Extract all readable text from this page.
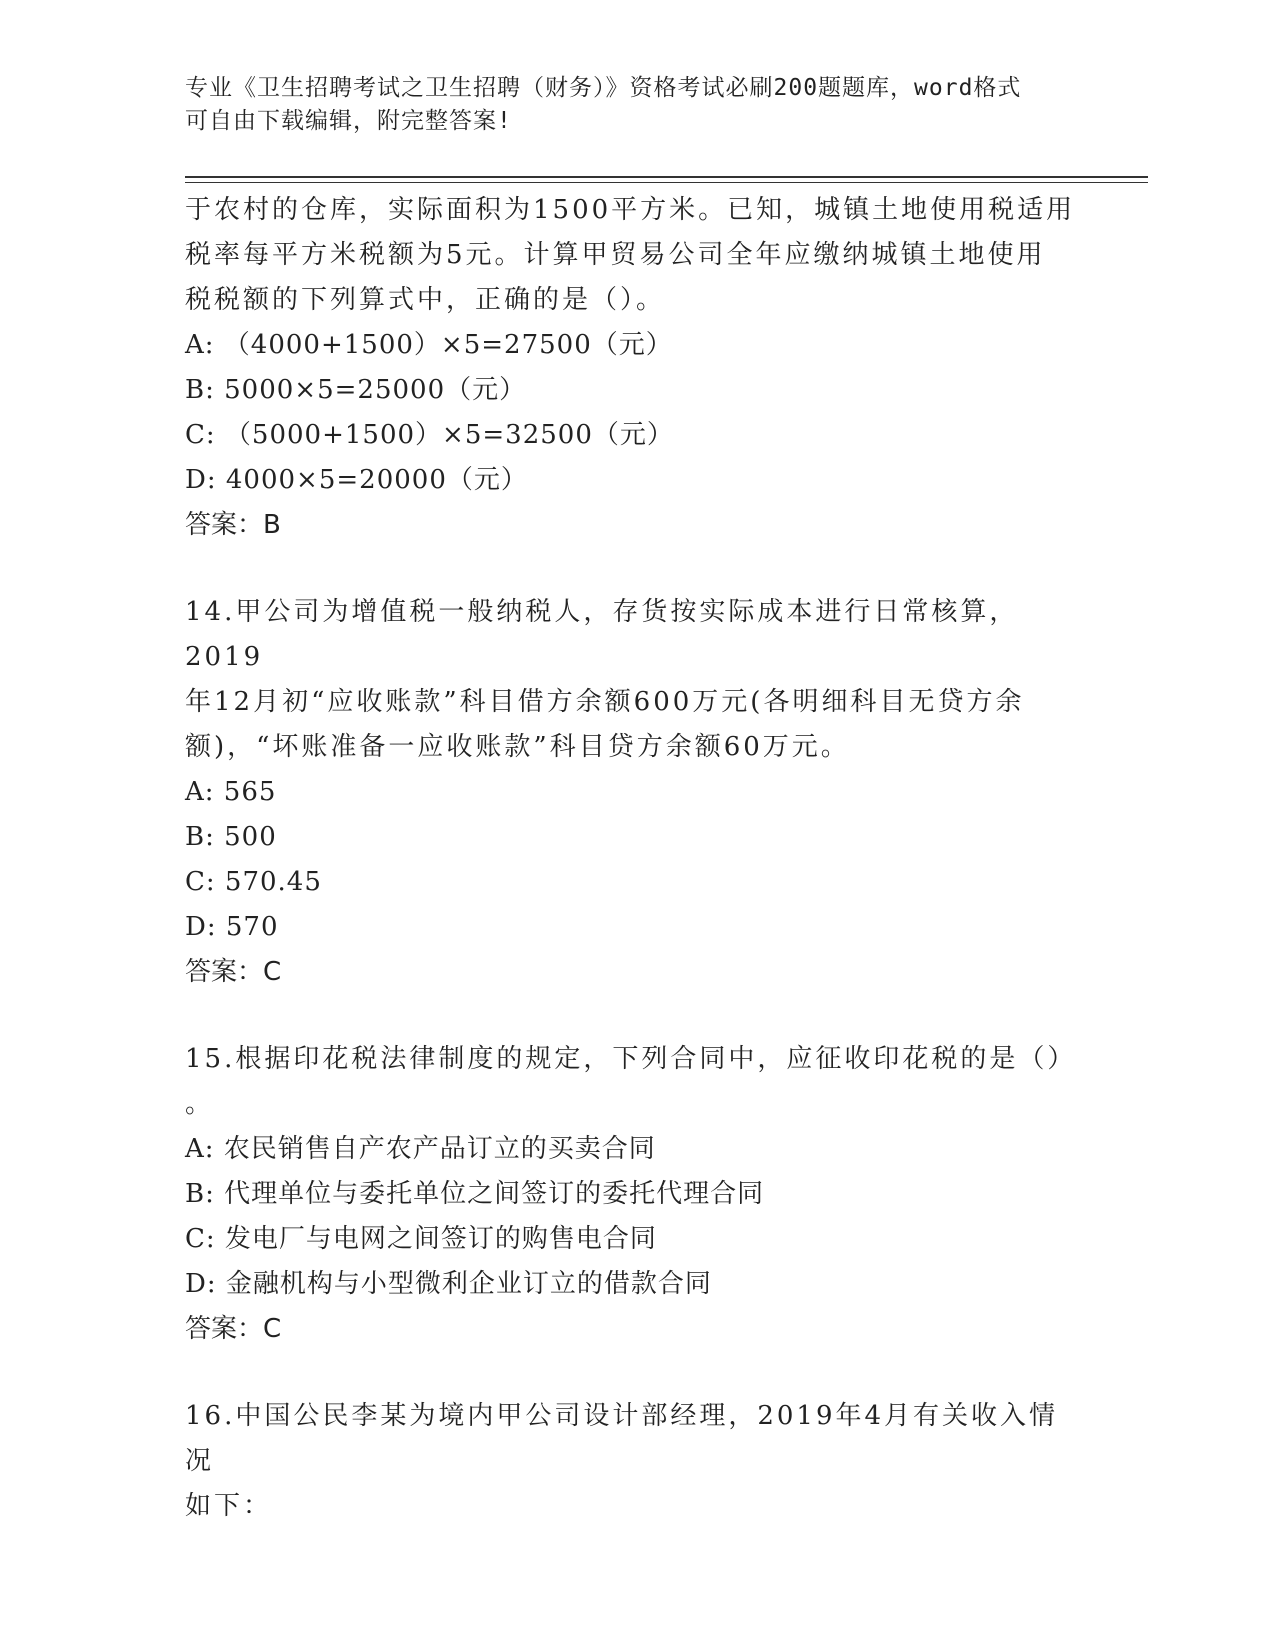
专业《卫生招聘考试之卫生招聘（财务）》资格考试必刷200题题库，word格式
可自由下载编辑，附完整答案!

于农村的仓库，实际面积为1500平方米。已知，城镇土地使用税适用

税率每平方米税额为5元。计算甲贸易公司全年应缴纳城镇土地使用

税税额的下列算式中，正确的是（）。

A: （4000+1500）×5=27500（元）

B: 5000×5=25000（元）

C: （5000+1500）×5=32500（元）

D: 4000×5=20000（元）

答案：B

14.甲公司为增值税一般纳税人，存货按实际成本进行日常核算，2019

年12月初“应收账款”科目借方余额600万元(各明细科目无贷方余

额)，“坏账准备一应收账款”科目贷方余额60万元。

A: 565

B: 500

C: 570.45

D: 570

答案：C

15.根据印花税法律制度的规定，下列合同中，应征收印花税的是（）

。

A: 农民销售自产农产品订立的买卖合同

B: 代理单位与委托单位之间签订的委托代理合同

C: 发电厂与电网之间签订的购售电合同

D: 金融机构与小型微利企业订立的借款合同

答案：C

16.中国公民李某为境内甲公司设计部经理，2019年4月有关收入情况

如下：
